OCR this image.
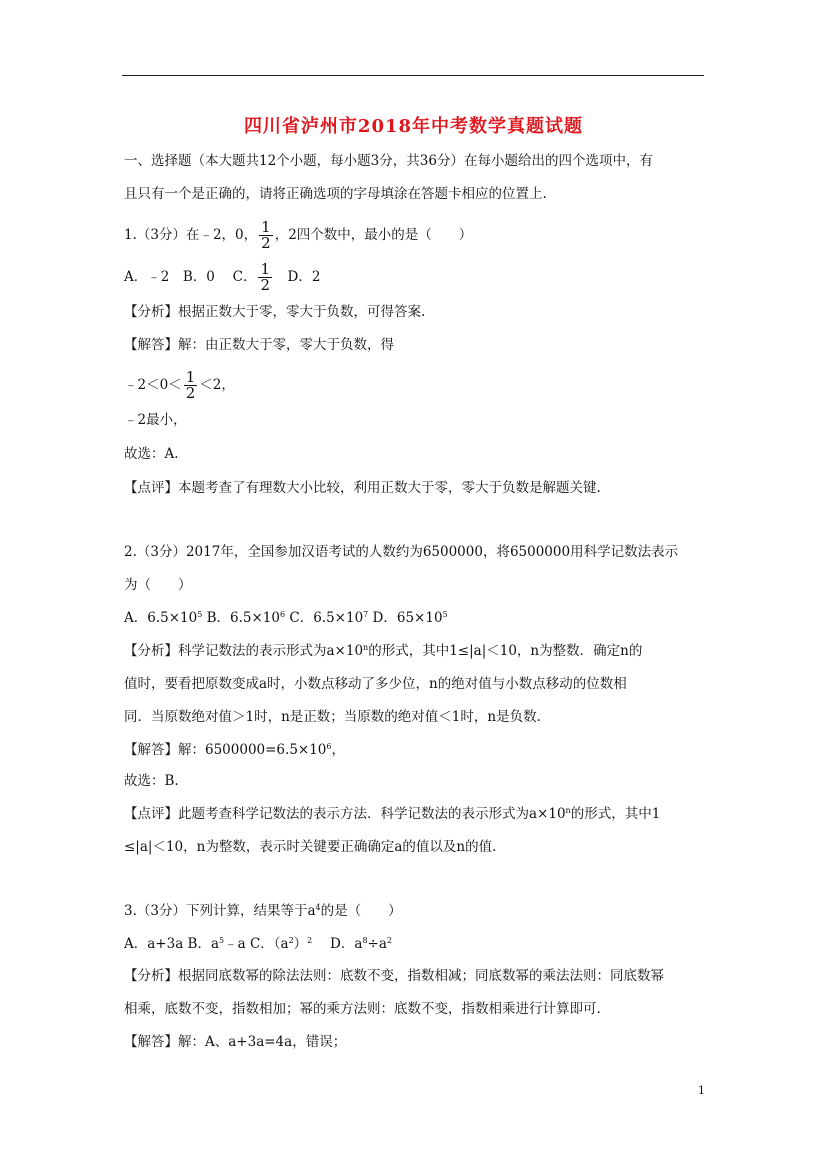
四川省泸州市2018年中考数学真题试题
一、选择题（本大题共12个小题，每小题3分，共36分）在每小题给出的四个选项中，有
且只有一个是正确的，请将正确选项的字母填涂在答题卡相应的位置上.
1.（3分）在﹣2，0， $\frac{1}{2}$ ，2四个数中，最小的是（　　）
A．﹣2　B．0　 C． $\frac{1}{2}$ 　D．2
【分析】根据正数大于零，零大于负数，可得答案.
【解答】解：由正数大于零，零大于负数，得
﹣2＜0＜ $\frac{1}{2} <2$，
﹣2最小，
故选：A.
【点评】本题考查了有理数大小比较，利用正数大于零，零大于负数是解题关键.
2.（3分）2017年，全国参加汉语考试的人数约为6500000，将6500000用科学记数法表示
为（　　）
A．$6.5\times 10^5$ B．$6.5\times 10^6$ C．$6.5\times 10^7$ D．$65\times 10^5$
【分析】科学记数法的表示形式为$a\times 10^n$的形式，其中1≤|a|＜10，n为整数．确定n的
值时，要看把原数变成a时，小数点移动了多少位，n的绝对值与小数点移动的位数相
同．当原数绝对值＞1时，n是正数；当原数的绝对值＜1时，n是负数.
【解答】解：$6500000=6.5\times 10^6$，
故选：B.
【点评】此题考查科学记数法的表示方法．科学记数法的表示形式为$a\times 10^n$的形式，其中1
≤|a|＜10，n为整数，表示时关键要正确确定a的值以及n的值.
3.（3分）下列计算，结果等于$a^4$的是（　　）
A．a+3a B．$a^5﹣a$ C．$(a^2)^2$　 D．$a^8\div a^2$
【分析】根据同底数幂的除法法则：底数不变，指数相减；同底数幂的乘法法则：同底数幂
相乘，底数不变，指数相加；幂的乘方法则：底数不变，指数相乘进行计算即可.
【解答】解：A、a+3a=4a，错误；
1
